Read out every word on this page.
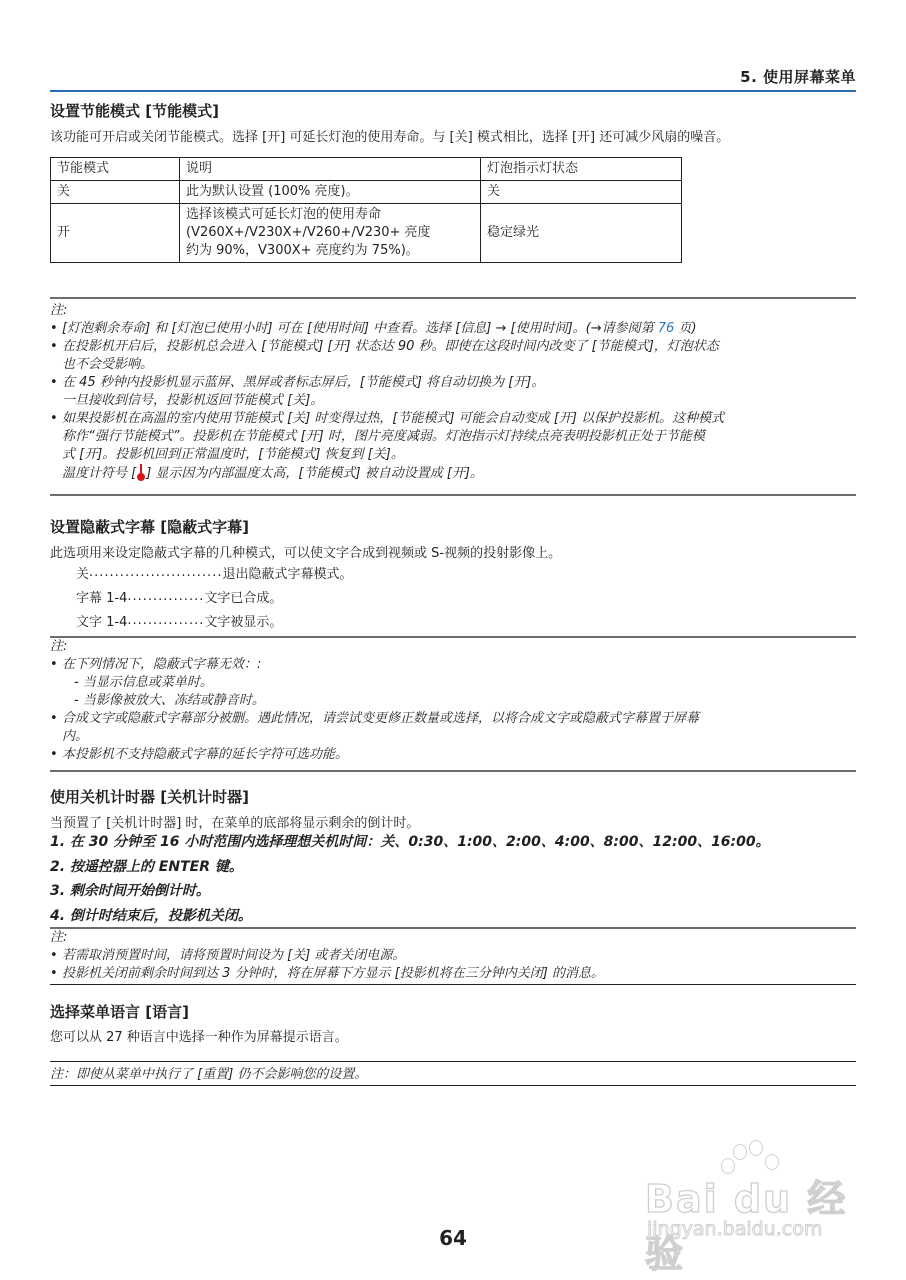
5. 使用屏幕菜单
设置节能模式 [节能模式]
该功能可开启或关闭节能模式。选择 [开] 可延长灯泡的使用寿命。与 [关] 模式相比，选择 [开] 还可减少风扇的噪音。
节能模式	说明	灯泡指示灯状态
关	此为默认设置 (100% 亮度)。	关
开	选择该模式可延长灯泡的使用寿命
(V260X+/V230X+/V260+/V230+ 亮度
约为 90%，V300X+ 亮度约为 75%)。	稳定绿光
注:
• [灯泡剩余寿命] 和 [灯泡已使用小时] 可在 [使用时间] 中查看。选择 [信息] → [使用时间]。(→请参阅第 76 页)
• 在投影机开启后，投影机总会进入 [节能模式] [开] 状态达 90 秒。即使在这段时间内改变了 [节能模式]，灯泡状态
也不会受影响。
• 在 45 秒钟内投影机显示蓝屏、黑屏或者标志屏后，[节能模式] 将自动切换为 [开]。
一旦接收到信号，投影机返回节能模式 [关]。
• 如果投影机在高温的室内使用节能模式 [关] 时变得过热，[节能模式] 可能会自动变成 [开] 以保护投影机。这种模式
称作“强行节能模式”。投影机在节能模式 [开] 时，图片亮度减弱。灯泡指示灯持续点亮表明投影机正处于节能模
式 [开]。投影机回到正常温度时，[节能模式] 恢复到 [关]。
温度计符号 [ ] 显示因为内部温度太高，[节能模式] 被自动设置成 [开]。
设置隐蔽式字幕 [隐蔽式字幕]
此选项用来设定隐蔽式字幕的几种模式，可以使文字合成到视频或 S-视频的投射影像上。
关 .......................... 退出隐蔽式字幕模式。
字幕 1-4 ............... 文字已合成。
文字 1-4 ............... 文字被显示。
注:
• 在下列情况下，隐蔽式字幕无效：:
- 当显示信息或菜单时。
- 当影像被放大、冻结或静音时。
• 合成文字或隐蔽式字幕部分被删。遇此情况，请尝试变更修正数量或选择，以将合成文字或隐蔽式字幕置于屏幕
内。
• 本投影机不支持隐蔽式字幕的延长字符可选功能。
使用关机计时器 [关机计时器]
当预置了 [关机计时器] 时，在菜单的底部将显示剩余的倒计时。
1. 在 30 分钟至 16 小时范围内选择理想关机时间：关、0:30、1:00、2:00、4:00、8:00、12:00、16:00。
2. 按遥控器上的 ENTER 键。
3. 剩余时间开始倒计时。
4. 倒计时结束后，投影机关闭。
注:
• 若需取消预置时间，请将预置时间设为 [关] 或者关闭电源。
• 投影机关闭前剩余时间到达 3 分钟时，将在屏幕下方显示 [投影机将在三分钟内关闭] 的消息。
选择菜单语言 [语言]
您可以从 27 种语言中选择一种作为屏幕提示语言。
注：即使从菜单中执行了 [重置] 仍不会影响您的设置。
64
Bai du 经验
jingyan.baidu.com
